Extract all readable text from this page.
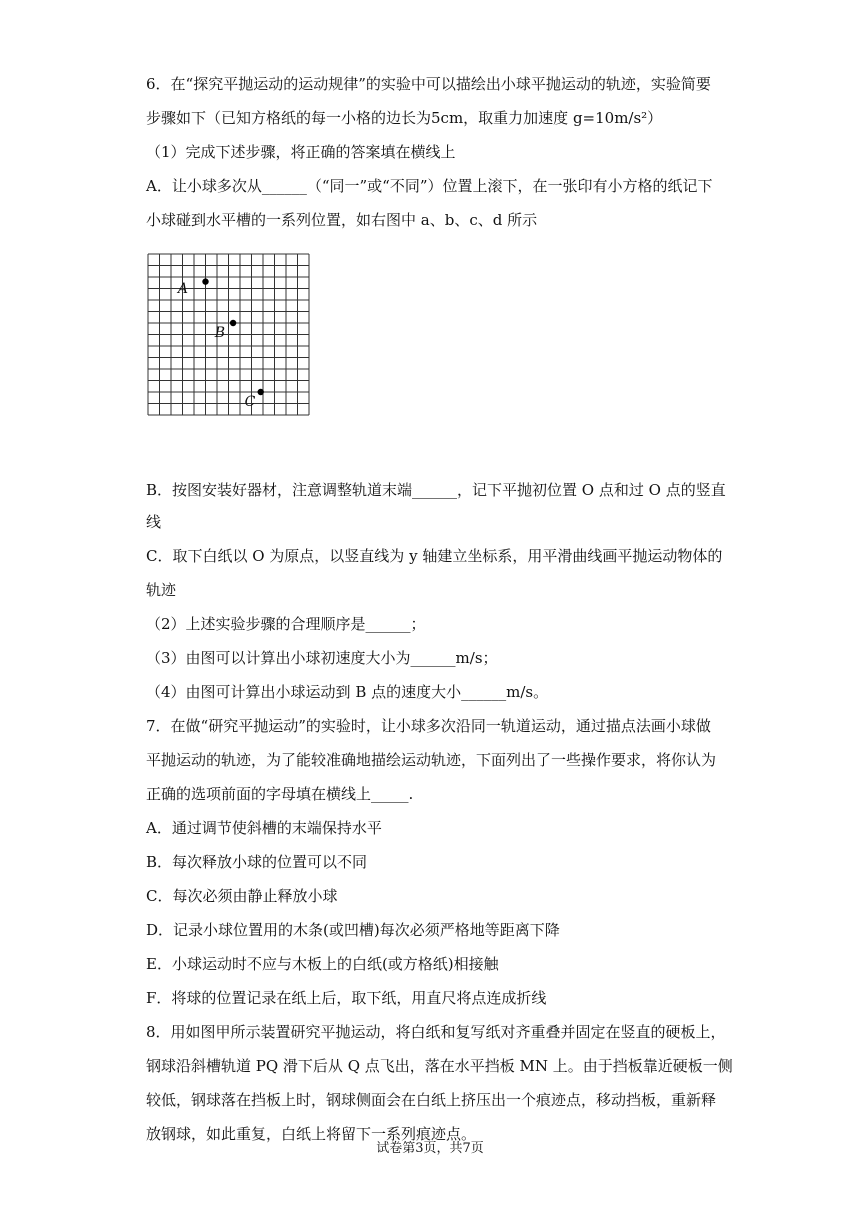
6．在“探究平抛运动的运动规律”的实验中可以描绘出小球平抛运动的轨迹，实验简要
步骤如下（已知方格纸的每一小格的边长为5cm，取重力加速度 g=10m/s²）
（1）完成下述步骤，将正确的答案填在横线上
A．让小球多次从______（“同一”或“不同”）位置上滚下，在一张印有小方格的纸记下
小球碰到水平槽的一系列位置，如右图中 a、b、c、d 所示
A
B
C
B．按图安装好器材，注意调整轨道末端______，记下平抛初位置 O 点和过 O 点的竖直
线
C．取下白纸以 O 为原点，以竖直线为 y 轴建立坐标系，用平滑曲线画平抛运动物体的
轨迹
（2）上述实验步骤的合理顺序是______；
（3）由图可以计算出小球初速度大小为______m/s；
（4）由图可计算出小球运动到 B 点的速度大小______m/s。
7．在做“研究平抛运动”的实验时，让小球多次沿同一轨道运动，通过描点法画小球做
平抛运动的轨迹，为了能较准确地描绘运动轨迹，下面列出了一些操作要求，将你认为
正确的选项前面的字母填在横线上_____.
A．通过调节使斜槽的末端保持水平
B．每次释放小球的位置可以不同
C．每次必须由静止释放小球
D．记录小球位置用的木条(或凹槽)每次必须严格地等距离下降
E．小球运动时不应与木板上的白纸(或方格纸)相接触
F．将球的位置记录在纸上后，取下纸，用直尺将点连成折线
8．用如图甲所示装置研究平抛运动，将白纸和复写纸对齐重叠并固定在竖直的硬板上，
钢球沿斜槽轨道 PQ 滑下后从 Q 点飞出，落在水平挡板 MN 上。由于挡板靠近硬板一侧
较低，钢球落在挡板上时，钢球侧面会在白纸上挤压出一个痕迹点，移动挡板，重新释
放钢球，如此重复，白纸上将留下一系列痕迹点。
试卷第3页，共7页
